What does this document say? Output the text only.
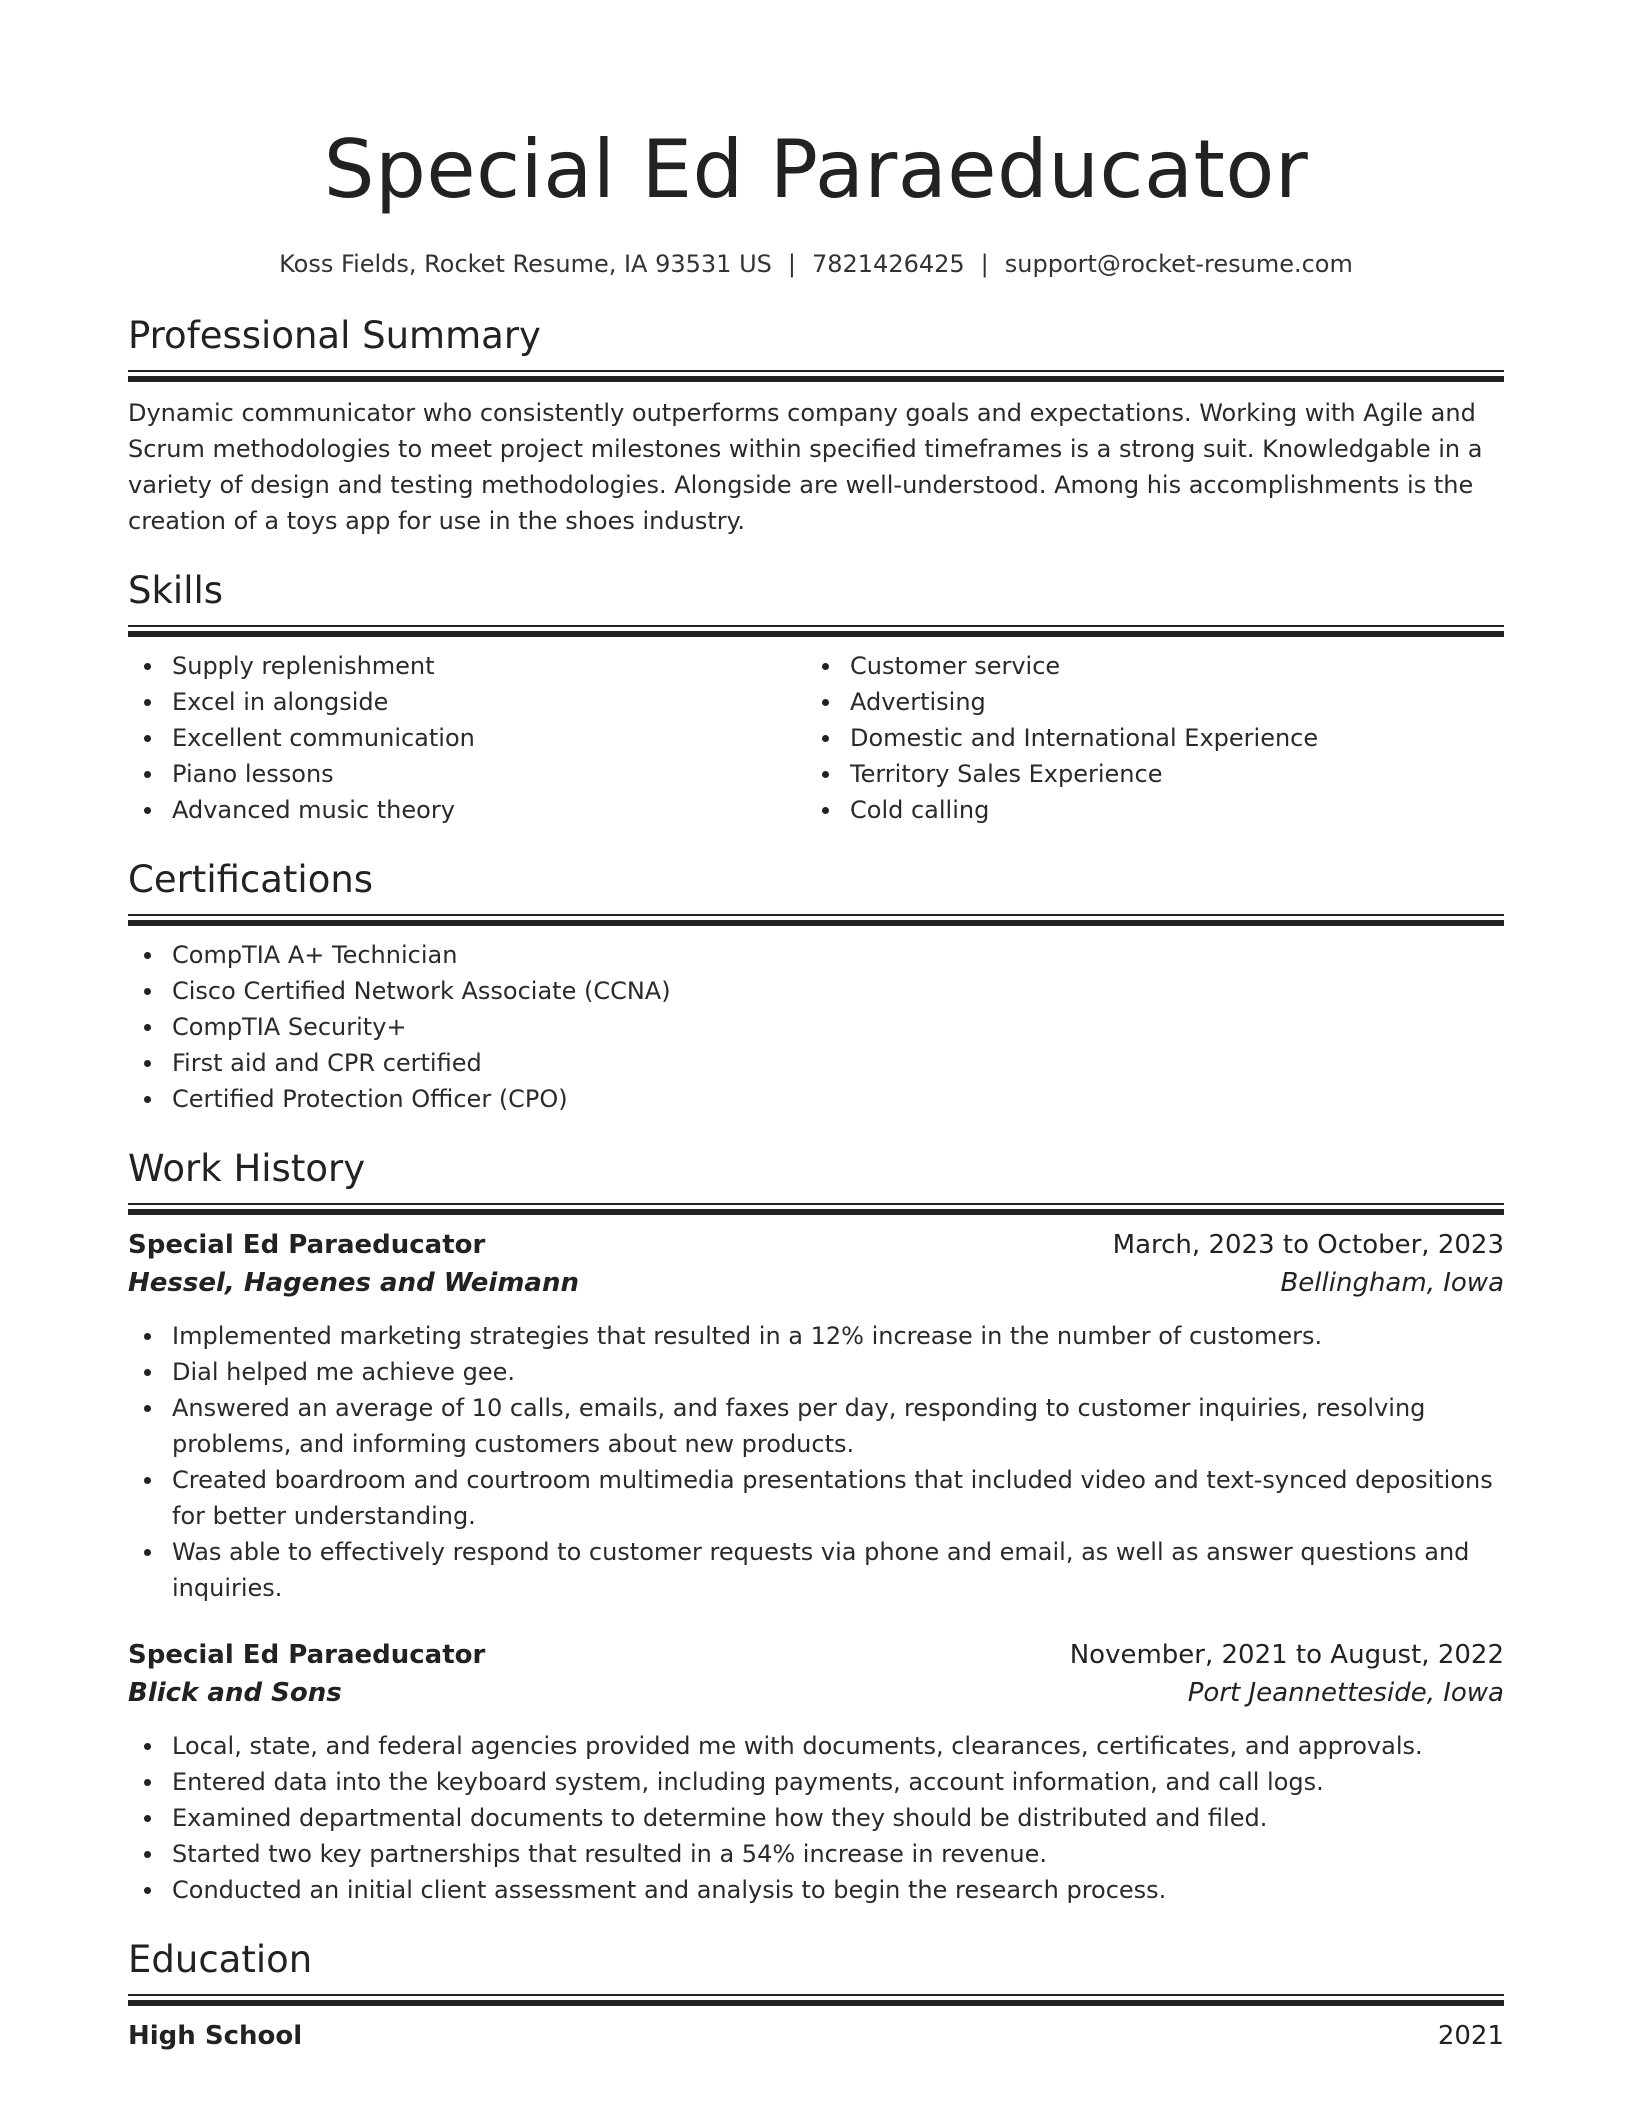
Special Ed Paraeducator
Koss Fields, Rocket Resume, IA 93531 US | 7821426425 | support@rocket-resume.com
Professional Summary
Dynamic communicator who consistently outperforms company goals and expectations. Working with Agile and Scrum methodologies to meet project milestones within specified timeframes is a strong suit. Knowledgable in a variety of design and testing methodologies. Alongside are well-understood. Among his accomplishments is the creation of a toys app for use in the shoes industry.
Skills
Supply replenishment
Excel in alongside
Excellent communication
Piano lessons
Advanced music theory
Customer service
Advertising
Domestic and International Experience
Territory Sales Experience
Cold calling
Certifications
CompTIA A+ Technician
Cisco Certified Network Associate (CCNA)
CompTIA Security+
First aid and CPR certified
Certified Protection Officer (CPO)
Work History
Special Ed Paraeducator	March, 2023 to October, 2023
Hessel, Hagenes and Weimann	Bellingham, Iowa
Implemented marketing strategies that resulted in a 12% increase in the number of customers.
Dial helped me achieve gee.
Answered an average of 10 calls, emails, and faxes per day, responding to customer inquiries, resolving problems, and informing customers about new products.
Created boardroom and courtroom multimedia presentations that included video and text-synced depositions for better understanding.
Was able to effectively respond to customer requests via phone and email, as well as answer questions and inquiries.
Special Ed Paraeducator	November, 2021 to August, 2022
Blick and Sons	Port Jeannetteside, Iowa
Local, state, and federal agencies provided me with documents, clearances, certificates, and approvals.
Entered data into the keyboard system, including payments, account information, and call logs.
Examined departmental documents to determine how they should be distributed and filed.
Started two key partnerships that resulted in a 54% increase in revenue.
Conducted an initial client assessment and analysis to begin the research process.
Education
High School	2021
